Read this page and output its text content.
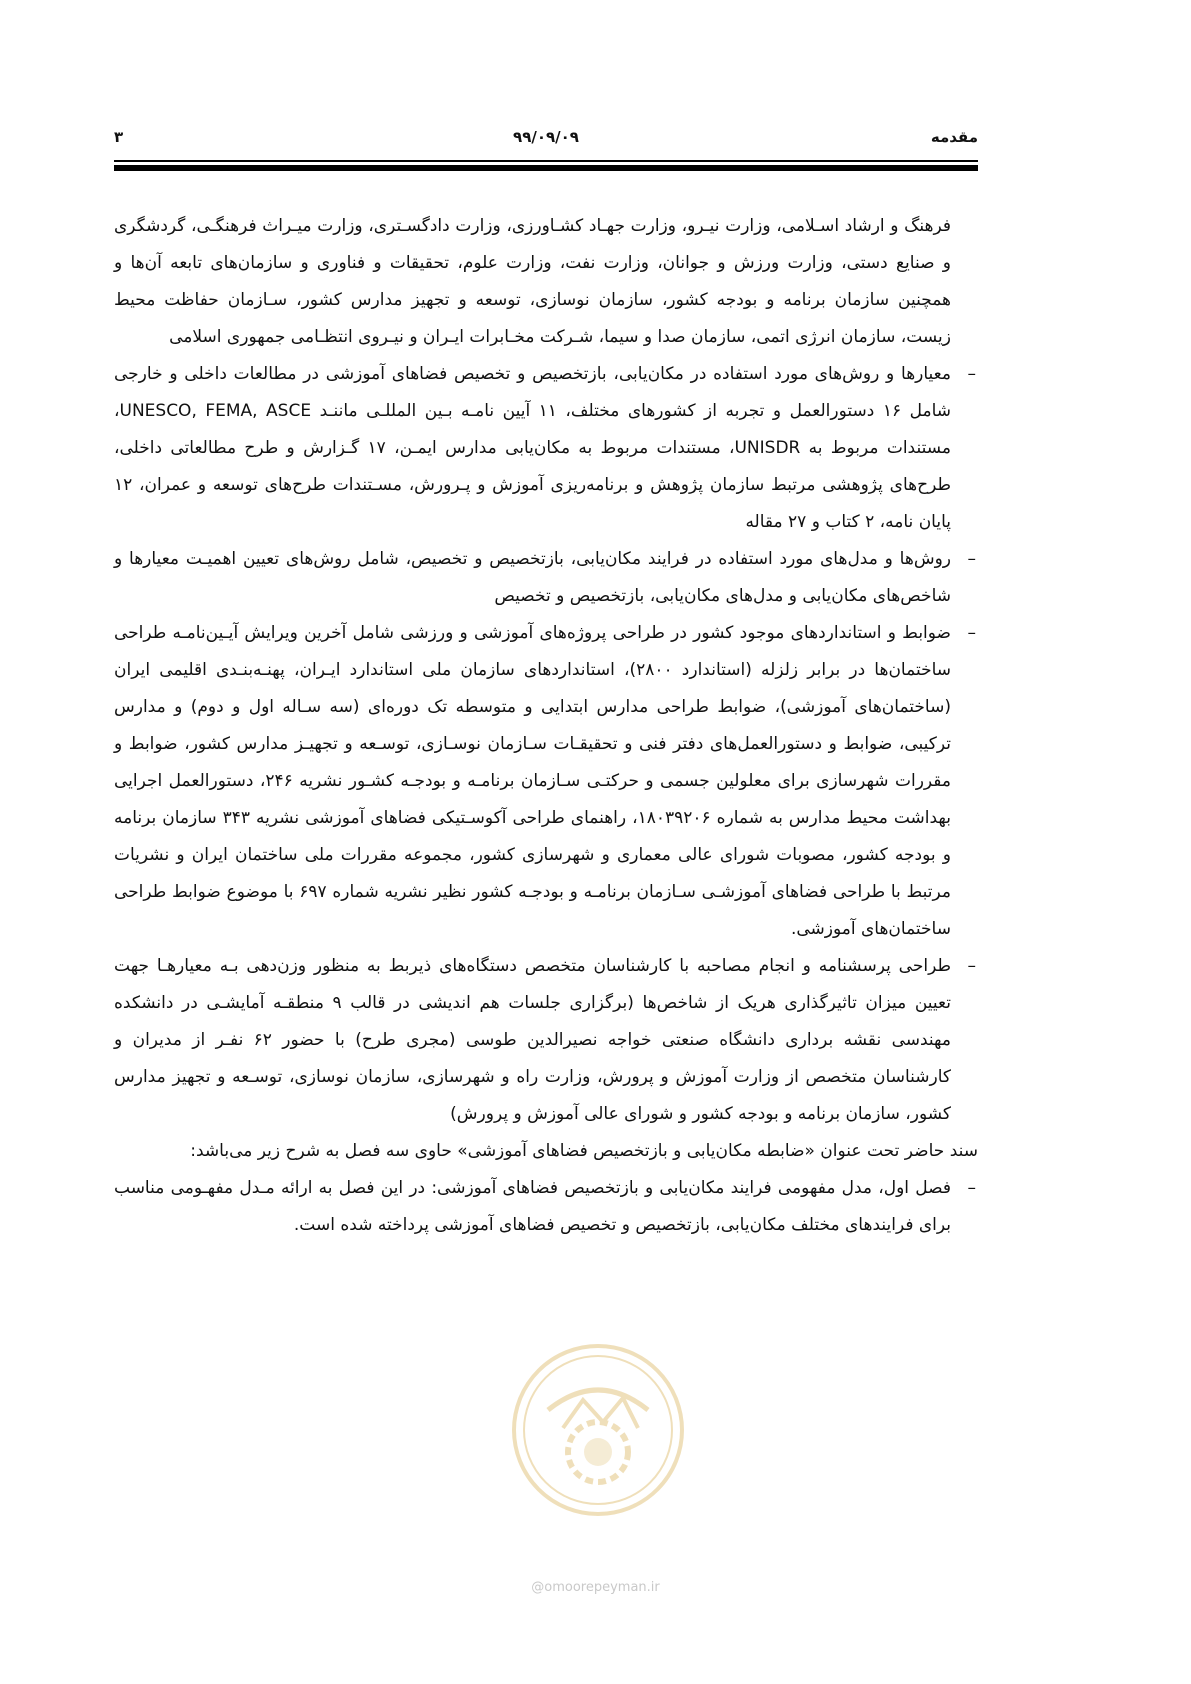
مقدمه
۹۹/۰۹/۰۹
۳

فرهنگ و ارشاد اسـلامی، وزارت نیـرو، وزارت جهـاد کشـاورزی، وزارت دادگسـتری، وزارت میـراث فرهنگـی، گردشگری و صنایع دستی، وزارت ورزش و جوانان، وزارت نفت، وزارت علوم، تحقیقات و فناوری و سازمان‌های تابعه آن‌ها و همچنین سازمان برنامه و بودجه کشور، سازمان نوسازی، توسعه و تجهیز مدارس کشور، سـازمان حفاظت محیط زیست، سازمان انرژی اتمی، سازمان صدا و سیما، شـرکت مخـابرات ایـران و نیـروی انتظـامی جمهوری اسلامی

–
معیارها و روش‌های مورد استفاده در مکان‌یابی، بازتخصیص و تخصیص فضاهای آموزشی در مطالعات داخلی و خارجی شامل ۱۶ دستورالعمل و تجربه از کشورهای مختلف، ۱۱ آیین نامـه بـین المللـی ماننـد UNESCO, FEMA, ASCE، مستندات مربوط به UNISDR، مستندات مربوط به مکان‌یابی مدارس ایمـن، ۱۷ گـزارش و طرح مطالعاتی داخلی، طرح‌های پژوهشی مرتبط سازمان پژوهش و برنامه‌ریزی آموزش و پـرورش، مسـتندات طرح‌های توسعه و عمران، ۱۲ پایان نامه، ۲ کتاب و ۲۷ مقاله
–
روش‌ها و مدل‌های مورد استفاده در فرایند مکان‌یابی، بازتخصیص و تخصیص، شامل روش‌های تعیین اهمیـت معیارها و شاخص‌های مکان‌یابی و مدل‌های مکان‌یابی، بازتخصیص و تخصیص
–
ضوابط و استانداردهای موجود کشور در طراحی پروژه‌های آموزشی و ورزشی شامل آخرین ویرایش آیـین‌نامـه طراحی ساختمان‌ها در برابر زلزله (استاندارد ۲۸۰۰)، استانداردهای سازمان ملی استاندارد ایـران، پهنـه‌بنـدی اقلیمی ایران (ساختمان‌های آموزشی)، ضوابط طراحی مدارس ابتدایی و متوسطه تک دوره‌ای (سه سـاله اول و دوم) و مدارس ترکیبی، ضوابط و دستورالعمل‌های دفتر فنی و تحقیقـات سـازمان نوسـازی، توسـعه و تجهیـز مدارس کشور، ضوابط و مقررات شهرسازی برای معلولین جسمی و حرکتـی سـازمان برنامـه و بودجـه کشـور نشریه ۲۴۶، دستورالعمل اجرایی بهداشت محیط مدارس به شماره ۱۸۰۳۹۲۰۶، راهنمای طراحی آکوسـتیکی فضاهای آموزشی نشریه ۳۴۳ سازمان برنامه و بودجه کشور، مصوبات شورای عالی معماری و شهرسازی کشور، مجموعه مقررات ملی ساختمان ایران و نشریات مرتبط با طراحی فضاهای آموزشـی سـازمان برنامـه و بودجـه کشور نظیر نشریه شماره ۶۹۷ با موضوع ضوابط طراحی ساختمان‌های آموزشی.
–
طراحی پرسشنامه و انجام مصاحبه با کارشناسان متخصص دستگاه‌های ذیربط به منظور وزن‌دهی بـه معیارهـا جهت تعیین میزان تاثیرگذاری هریک از شاخص‌ها (برگزاری جلسات هم اندیشی در قالب ۹ منطقـه آمایشـی در دانشکده مهندسی نقشه برداری دانشگاه صنعتی خواجه نصیرالدین طوسی (مجری طرح) با حضور ۶۲ نفـر از مدیران و کارشناسان متخصص از وزارت آموزش و پرورش، وزارت راه و شهرسازی، سازمان نوسازی، توسـعه و تجهیز مدارس کشور، سازمان برنامه و بودجه کشور و شورای عالی آموزش و پرورش)

سند حاضر تحت عنوان «ضابطه مکان‌یابی و بازتخصیص فضاهای آموزشی» حاوی سه فصل به شرح زیر می‌باشد:

–
فصل اول، مدل مفهومی فرایند مکان‌یابی و بازتخصیص فضاهای آموزشی: در این فصل به ارائه مـدل مفهـومی مناسب برای فرایندهای مختلف مکان‌یابی، بازتخصیص و تخصیص فضاهای آموزشی پرداخته شده است.
@omoorepeyman.ir
